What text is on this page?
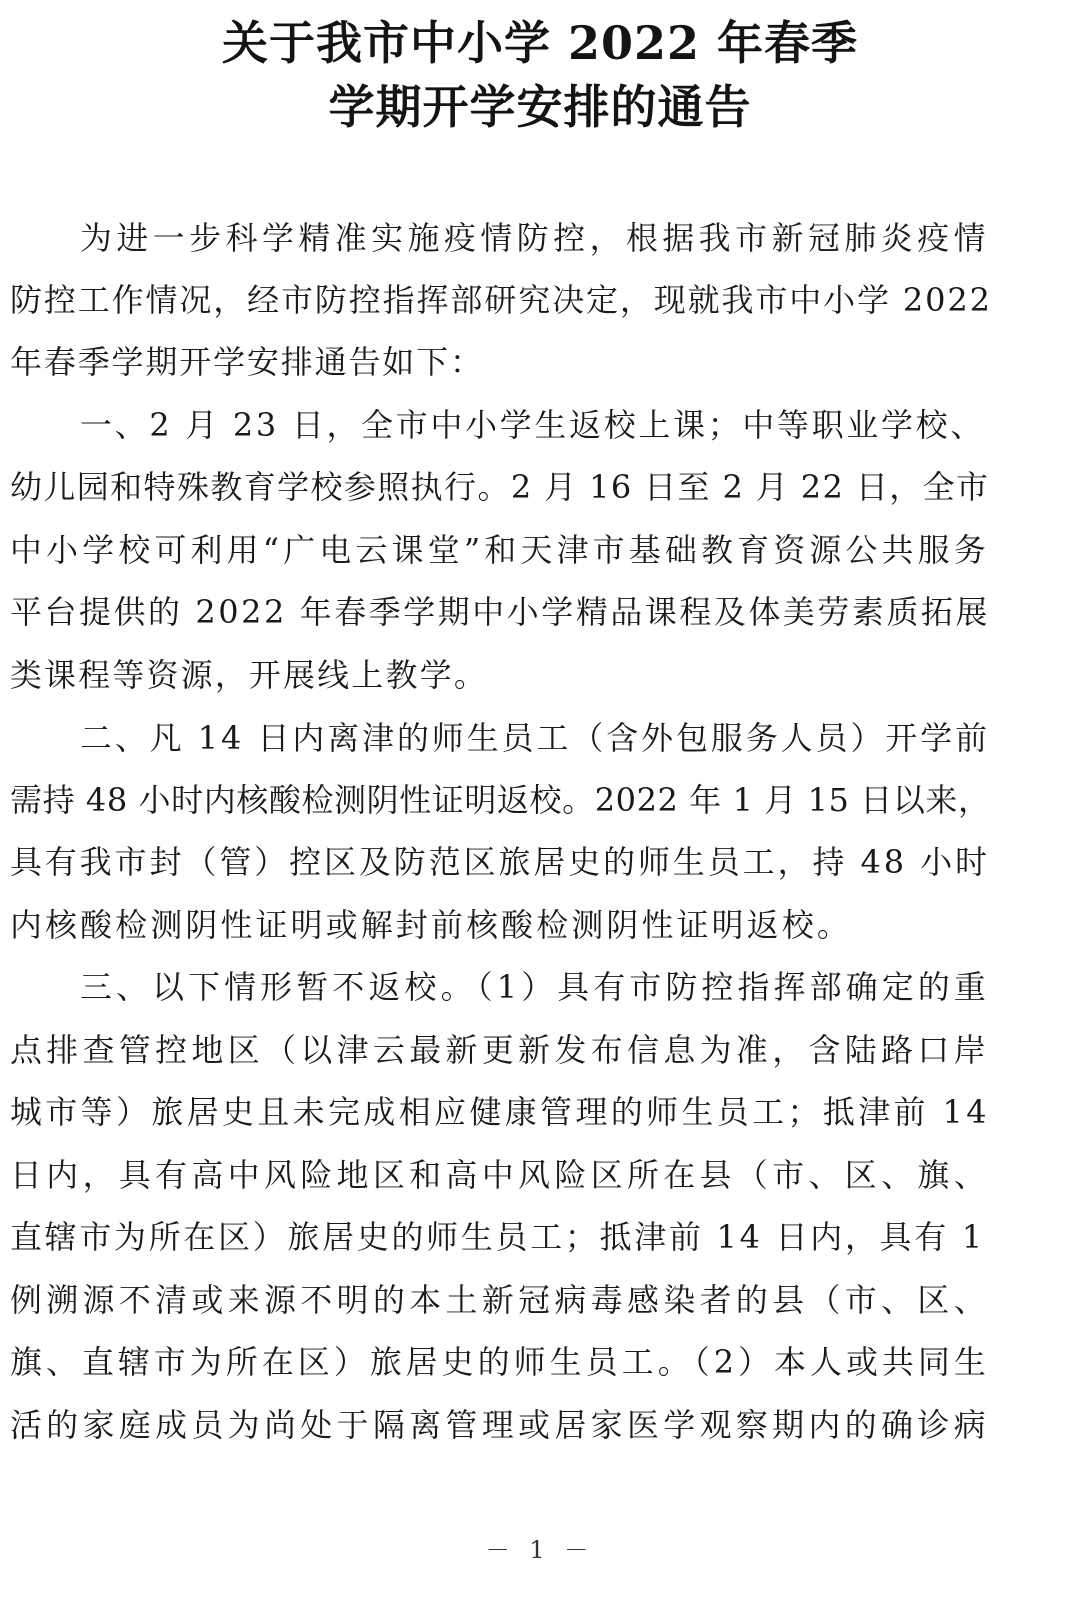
关于我市中小学 2022 年春季
学期开学安排的通告
为进一步科学精准实施疫情防控，根据我市新冠肺炎疫情
防控工作情况，经市防控指挥部研究决定，现就我市中小学 2022
年春季学期开学安排通告如下：
一、2 月 23 日，全市中小学生返校上课；中等职业学校、
幼儿园和特殊教育学校参照执行。2 月 16 日至 2 月 22 日，全市
中小学校可利用“广电云课堂”和天津市基础教育资源公共服务
平台提供的 2022 年春季学期中小学精品课程及体美劳素质拓展
类课程等资源，开展线上教学。
二、凡 14 日内离津的师生员工（含外包服务人员）开学前
需持 48 小时内核酸检测阴性证明返校。2022 年 1 月 15 日以来，
具有我市封（管）控区及防范区旅居史的师生员工，持 48 小时
内核酸检测阴性证明或解封前核酸检测阴性证明返校。
三、以下情形暂不返校。（1）具有市防控指挥部确定的重
点排查管控地区（以津云最新更新发布信息为准，含陆路口岸
城市等）旅居史且未完成相应健康管理的师生员工；抵津前 14
日内，具有高中风险地区和高中风险区所在县（市、区、旗、
直辖市为所在区）旅居史的师生员工；抵津前 14 日内，具有 1
例溯源不清或来源不明的本土新冠病毒感染者的县（市、区、
旗、直辖市为所在区）旅居史的师生员工。（2）本人或共同生
活的家庭成员为尚处于隔离管理或居家医学观察期内的确诊病
－ 1 －
